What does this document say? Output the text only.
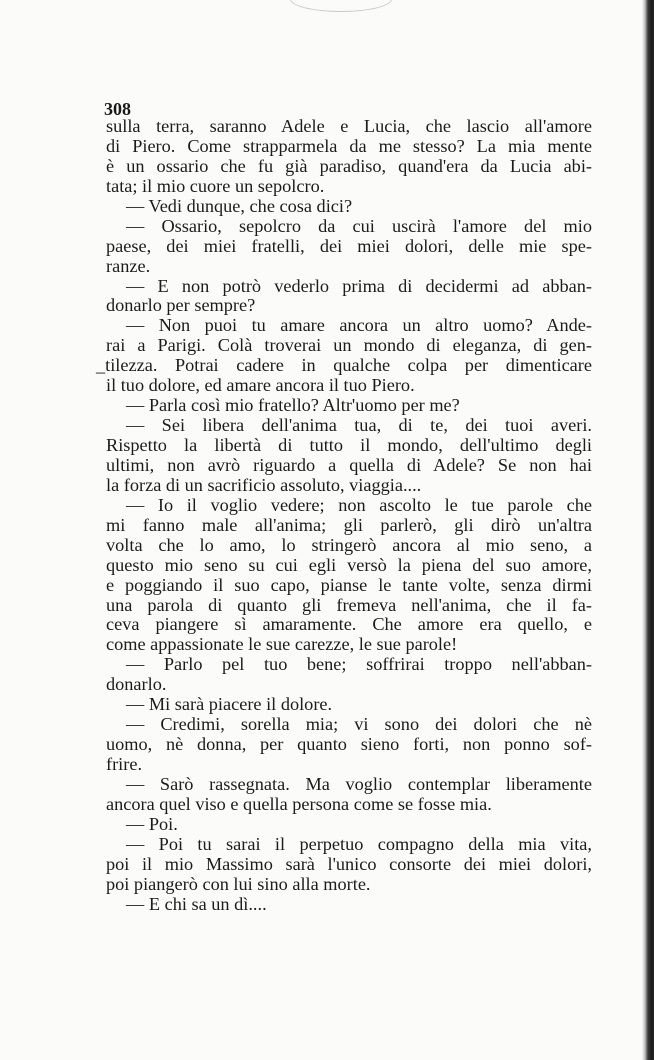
308

sulla terra, saranno Adele e Lucia, che lascio all'amore
di Piero. Come strapparmela da me stesso? La mia mente
è un ossario che fu già paradiso, quand'era da Lucia abi-
tata; il mio cuore un sepolcro.
— Vedi dunque, che cosa dici?
— Ossario, sepolcro da cui uscirà l'amore del mio
paese, dei miei fratelli, dei miei dolori, delle mie spe-
ranze.
— E non potrò vederlo prima di decidermi ad abban-
donarlo per sempre?
— Non puoi tu amare ancora un altro uomo? Ande-
rai a Parigi. Colà troverai un mondo di eleganza, di gen-
_tilezza. Potrai cadere in qualche colpa per dimenticare
il tuo dolore, ed amare ancora il tuo Piero.
— Parla così mio fratello? Altr'uomo per me?
— Sei libera dell'anima tua, di te, dei tuoi averi.
Rispetto la libertà di tutto il mondo, dell'ultimo degli
ultimi, non avrò riguardo a quella di Adele? Se non hai
la forza di un sacrificio assoluto, viaggia....
— Io il voglio vedere; non ascolto le tue parole che
mi fanno male all'anima; gli parlerò, gli dirò un'altra
volta che lo amo, lo stringerò ancora al mio seno, a
questo mio seno su cui egli versò la piena del suo amore,
e poggiando il suo capo, pianse le tante volte, senza dirmi
una parola di quanto gli fremeva nell'anima, che il fa-
ceva piangere sì amaramente. Che amore era quello, e
come appassionate le sue carezze, le sue parole!
— Parlo pel tuo bene; soffrirai troppo nell'abban-
donarlo.
— Mi sarà piacere il dolore.
— Credimi, sorella mia; vi sono dei dolori che nè
uomo, nè donna, per quanto sieno forti, non ponno sof-
frire.
— Sarò rassegnata. Ma voglio contemplar liberamente
ancora quel viso e quella persona come se fosse mia.
— Poi.
— Poi tu sarai il perpetuo compagno della mia vita,
poi il mio Massimo sarà l'unico consorte dei miei dolori,
poi piangerò con lui sino alla morte.
— E chi sa un dì....
